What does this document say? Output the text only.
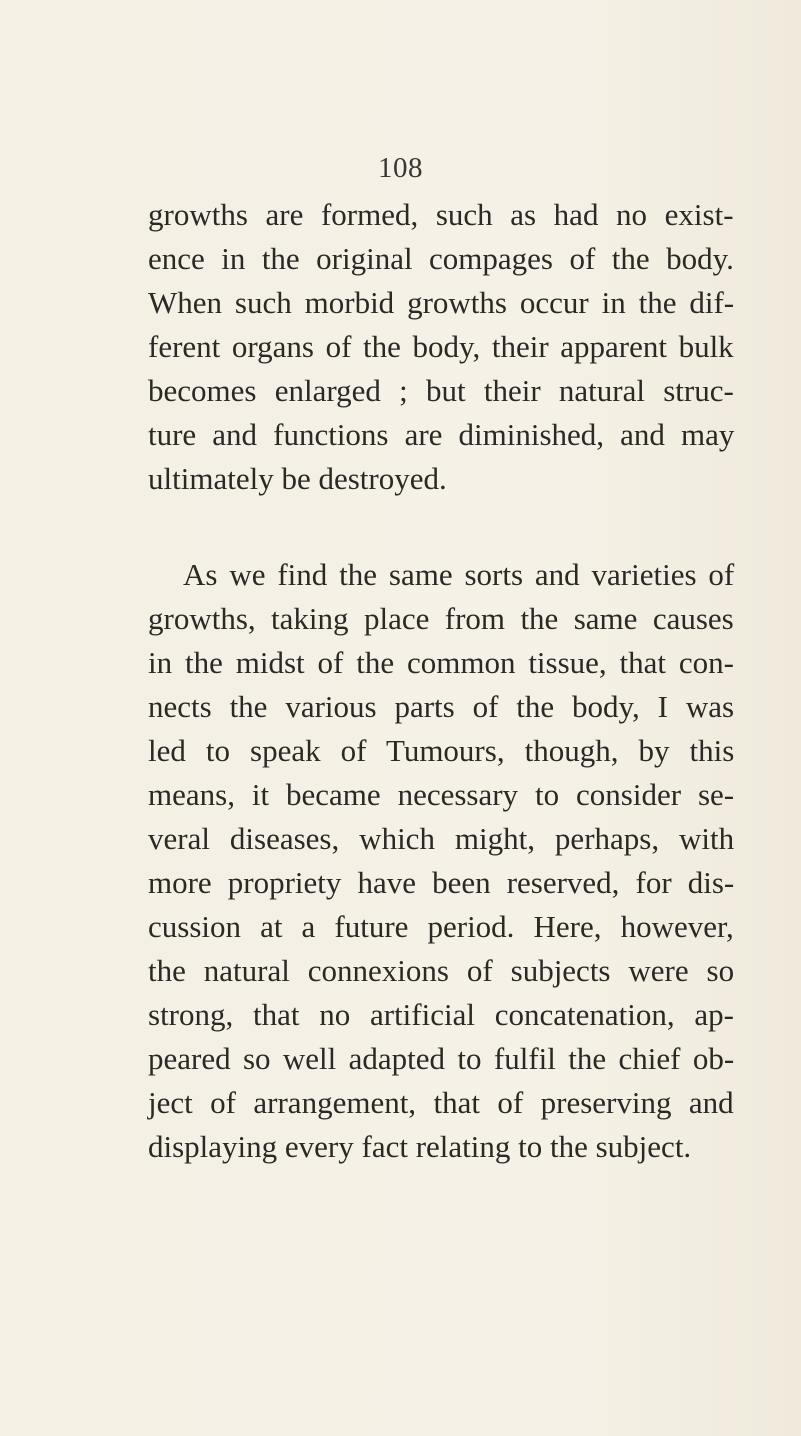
108
growths are formed, such as had no exist-
ence in the original compages of the body.
When such morbid growths occur in the dif-
ferent organs of the body, their apparent bulk
becomes enlarged ; but their natural struc-
ture and functions are diminished, and may
ultimately be destroyed.
As we find the same sorts and varieties of
growths, taking place from the same causes
in the midst of the common tissue, that con-
nects the various parts of the body, I was
led to speak of Tumours, though, by this
means, it became necessary to consider se-
veral diseases, which might, perhaps, with
more propriety have been reserved, for dis-
cussion at a future period. Here, however,
the natural connexions of subjects were so
strong, that no artificial concatenation, ap-
peared so well adapted to fulfil the chief ob-
ject of arrangement, that of preserving and
displaying every fact relating to the subject.
